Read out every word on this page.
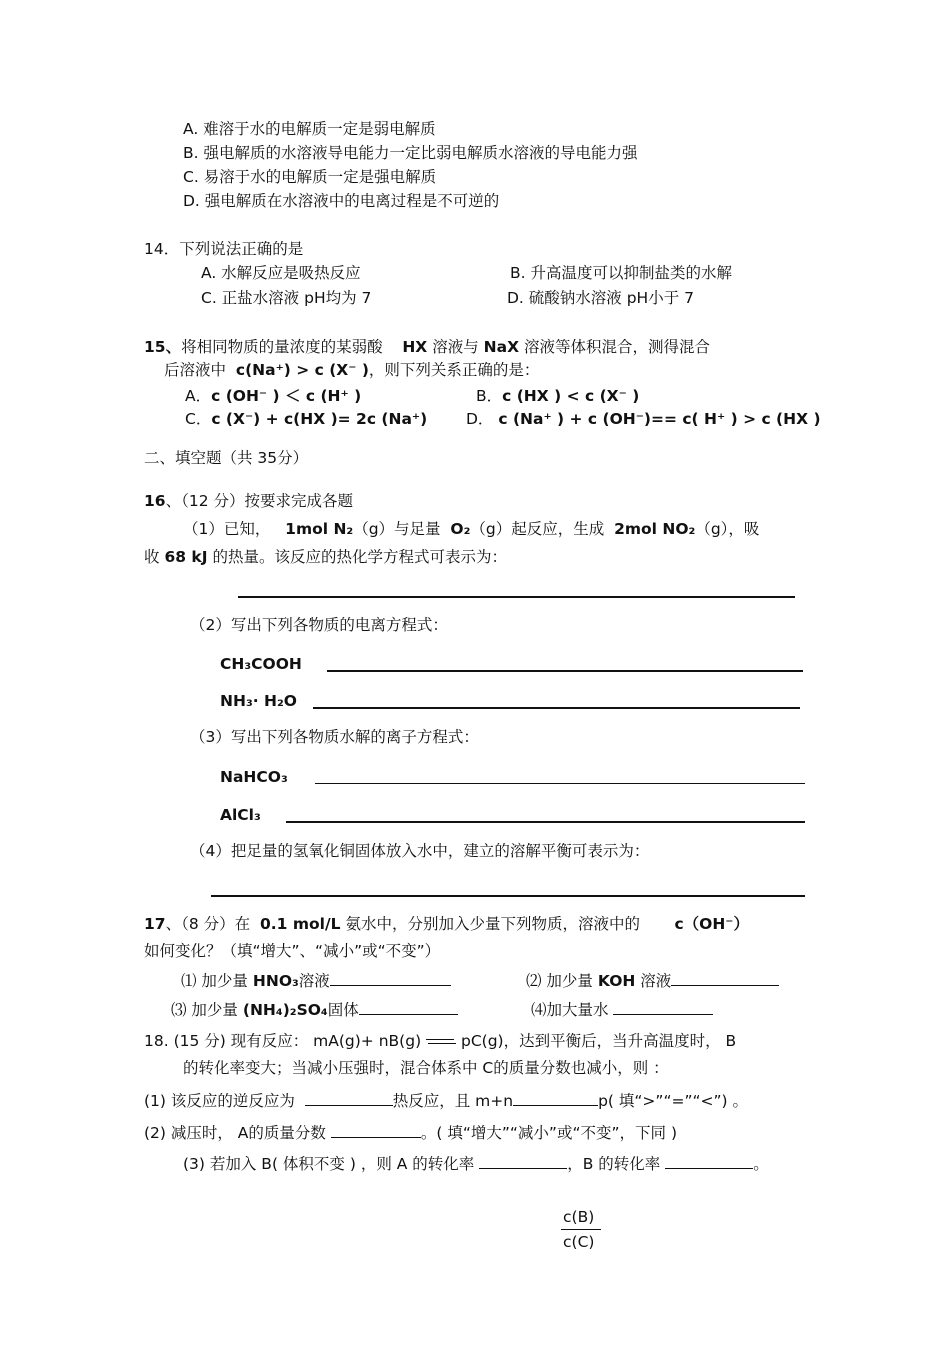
A. 难溶于水的电解质一定是弱电解质
B. 强电解质的水溶液导电能力一定比弱电解质水溶液的导电能力强
C. 易溶于水的电解质一定是强电解质
D. 强电解质在水溶液中的电离过程是不可逆的
14．下列说法正确的是
A. 水解反应是吸热反应	B. 升高温度可以抑制盐类的水解
C. 正盐水溶液 pH均为 7	D. 硫酸钠水溶液 pH小于 7
15、将相同物质的量浓度的某弱酸 HX 溶液与 NaX 溶液等体积混合，测得混合
后溶液中 c(Na⁺) > c (X⁻ )，则下列关系正确的是：
A．c (OH⁻ ) ＜ c (H⁺ )	B．c (HX ) < c (X⁻ )
C．c (X⁻) + c(HX )= 2c (Na⁺)	D． c (Na⁺ ) + c (OH⁻)== c( H⁺ ) > c (HX )
二、填空题（共 35分）
16、（12 分）按要求完成各题
（1）已知， 1mol N₂（g）与足量 O₂（g）起反应，生成 2mol NO₂（g），吸
收 68 kJ 的热量。该反应的热化学方程式可表示为：
（2）写出下列各物质的电离方程式：
CH₃COOH
NH₃· H₂O
（3）写出下列各物质水解的离子方程式：
NaHCO₃
AlCl₃
（4）把足量的氢氧化铜固体放入水中，建立的溶解平衡可表示为：
17、（8 分）在 0.1 mol/L 氨水中，分别加入少量下列物质，溶液中的 c（OH⁻）
如何变化？（填“增大”、“减小”或“不变”）
⑴ 加少量 HNO₃溶液	⑵ 加少量 KOH 溶液
⑶ 加少量 (NH₄)₂SO₄固体	⑷加大量水
18. (15 分) 现有反应： mA(g)+ nB(g)	pC(g)，达到平衡后，当升高温度时， B
的转化率变大；当减小压强时，混合体系中 C的质量分数也减小，则 ：
(1) 该反应的逆反应为	热反应，且 m+n	p( 填“>”“=”“<”) 。
(2) 减压时， A的质量分数	。( 填“增大”“减小”或“不变”，下同 )
(3) 若加入 B( 体积不变 ) ，则 A 的转化率	，B 的转化率	。
c(B)
c(C)
